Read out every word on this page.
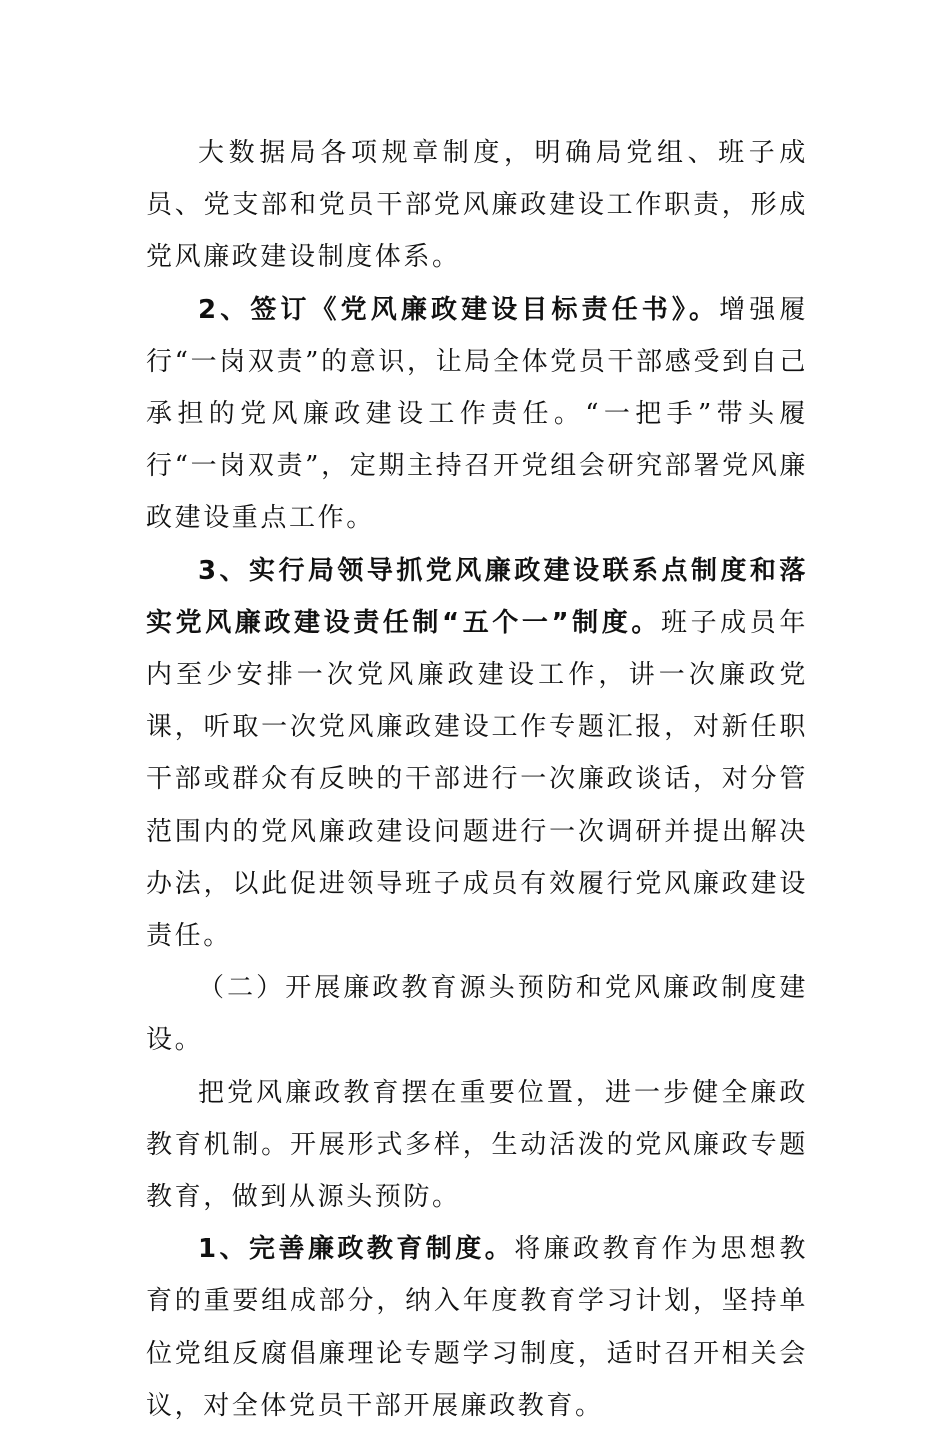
大数据局各项规章制度，明确局党组、班子成员、党支部和党员干部党风廉政建设工作职责，形成党风廉政建设制度体系。

2、签订《党风廉政建设目标责任书》。增强履行“一岗双责”的意识，让局全体党员干部感受到自己承担的党风廉政建设工作责任。“一把手”带头履行“一岗双责”，定期主持召开党组会研究部署党风廉政建设重点工作。

3、实行局领导抓党风廉政建设联系点制度和落实党风廉政建设责任制“五个一”制度。班子成员年内至少安排一次党风廉政建设工作，讲一次廉政党课，听取一次党风廉政建设工作专题汇报，对新任职干部或群众有反映的干部进行一次廉政谈话，对分管范围内的党风廉政建设问题进行一次调研并提出解决办法，以此促进领导班子成员有效履行党风廉政建设责任。

（二）开展廉政教育源头预防和党风廉政制度建设。

把党风廉政教育摆在重要位置，进一步健全廉政教育机制。开展形式多样，生动活泼的党风廉政专题教育，做到从源头预防。

1、完善廉政教育制度。将廉政教育作为思想教育的重要组成部分，纳入年度教育学习计划，坚持单位党组反腐倡廉理论专题学习制度，适时召开相关会议，对全体党员干部开展廉政教育。
